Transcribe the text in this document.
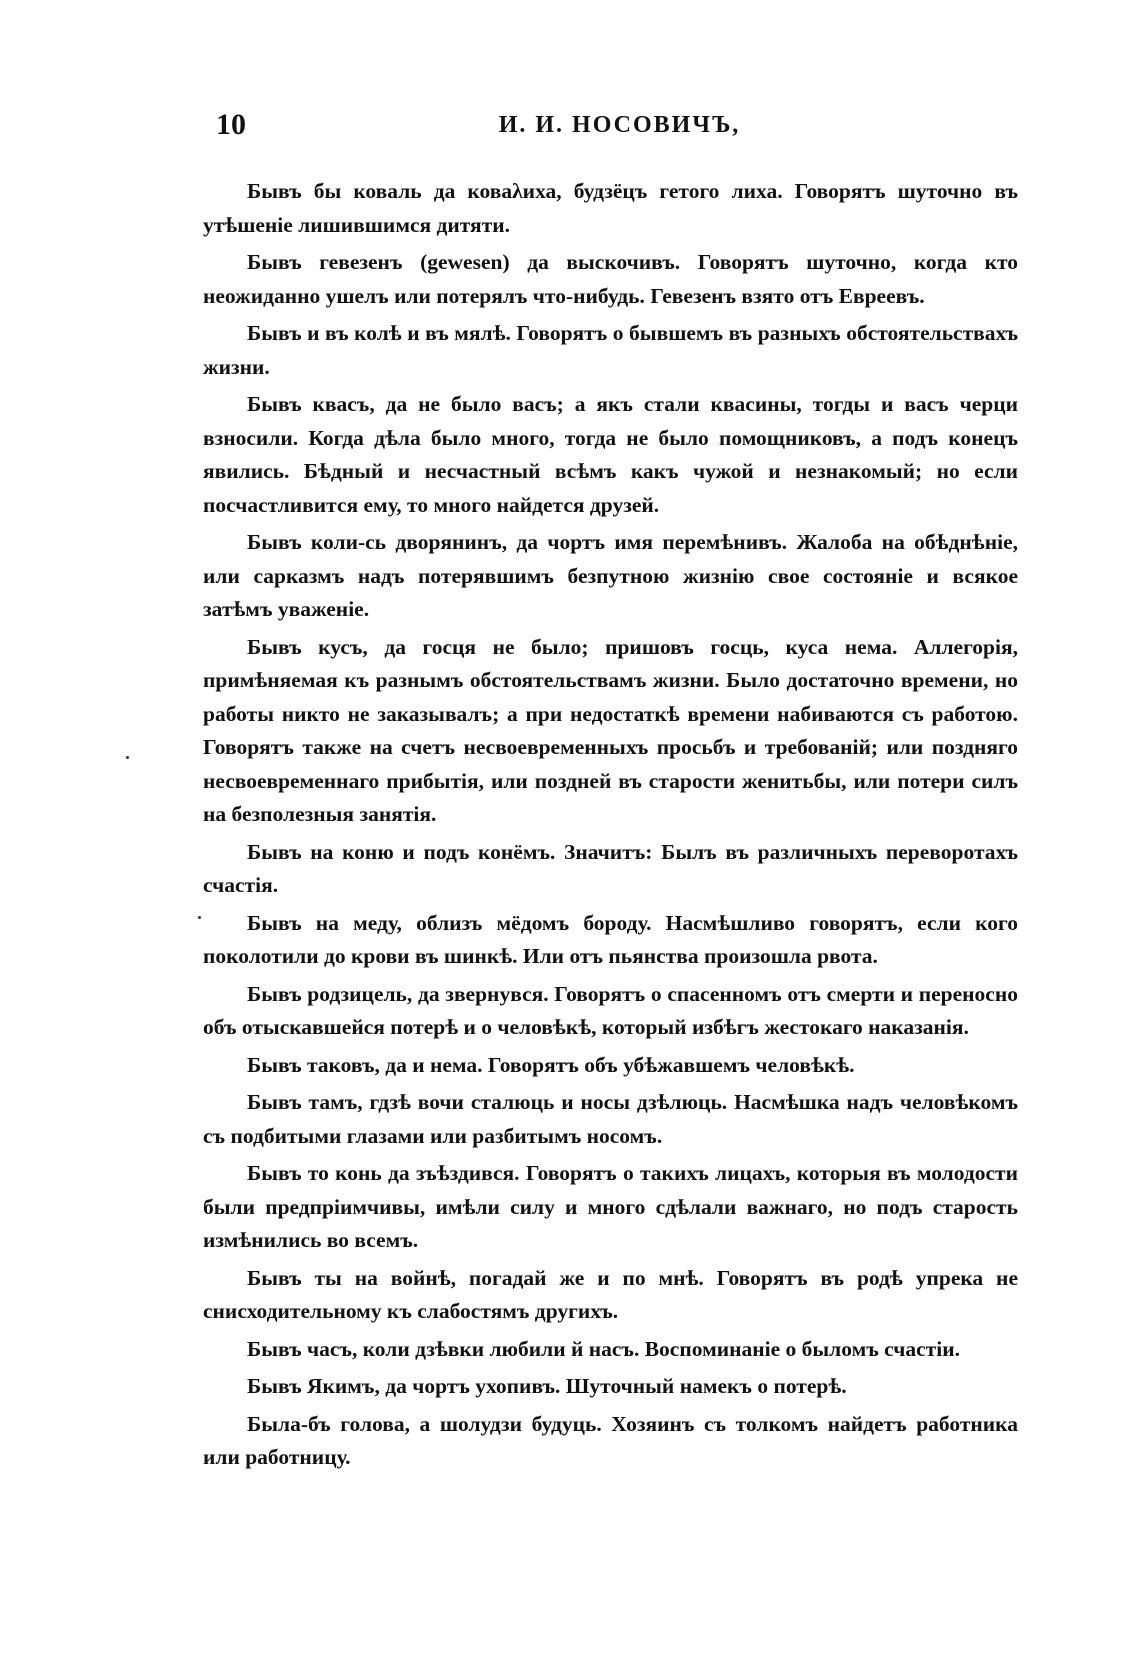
10	И. И. НОСОВИЧЪ,

Бывъ бы коваль да коваλиха, будзёцъ гетого лиха. Говорятъ шуточно въ утѣшеніе лишившимся дитяти.

Бывъ гевезенъ (gewesen) да выскочивъ. Говорятъ шуточно, когда кто неожиданно ушелъ или потерялъ что-нибудь. Гевезенъ взято отъ Евреевъ.

Бывъ и въ колѣ и въ мялѣ. Говорятъ о бывшемъ въ разныхъ обстоятельствахъ жизни.

Бывъ квасъ, да не было васъ; а якъ стали квасины, тогды и васъ черци взносили. Когда дѣла было много, тогда не было помощниковъ, а подъ конецъ явились. Бѣдный и несчастный всѣмъ какъ чужой и незнакомый; но если посчастливится ему, то много найдется друзей.

Бывъ коли-сь дворянинъ, да чортъ имя перемѣнивъ. Жалоба на обѣднѣніе, или сарказмъ надъ потерявшимъ безпутною жизнію свое состояніе и всякое затѣмъ уваженіе.

Бывъ кусъ, да госця не было; пришовъ гоcць, куса нема. Аллегорія, примѣняемая къ разнымъ обстоятельствамъ жизни. Было достаточно времени, но работы никто не заказывалъ; а при недостаткѣ времени набиваются съ работою. Говорятъ также на счетъ несвоевременныхъ просьбъ и требованій; или поздняго несвоевременнаго прибытія, или поздней въ старости женитьбы, или потери силъ на безполезныя занятія.

Бывъ на коню и подъ конёмъ. Значитъ: Былъ въ различныхъ переворотахъ счастія.

Бывъ на меду, облизъ мёдомъ бороду. Насмѣшливо говорятъ, если кого поколотили до крови въ шинкѣ. Или отъ пьянства произошла рвота.

Бывъ родзицель, да звернувся. Говорятъ о спасенномъ отъ смерти и переносно объ отыскавшейся потерѣ и о человѣкѣ, который избѣгъ жестокаго наказанія.

Бывъ таковъ, да и нема. Говорятъ объ убѣжавшемъ человѣкѣ.

Бывъ тамъ, гдзѣ вочи сталюць и носы дзѣлюць. Насмѣшка надъ человѣкомъ съ подбитыми глазами или разбитымъ носомъ.

Бывъ то конь да зъѣздився. Говорятъ о такихъ лицахъ, которыя въ молодости были предпріимчивы, имѣли силу и много сдѣлали важнаго, но подъ старость измѣнились во всемъ.

Бывъ ты на войнѣ, погадай же и по мнѣ. Говорятъ въ родѣ упрека не снисходительному къ слабостямъ другихъ.

Бывъ часъ, коли дзѣвки любили й насъ. Воспоминаніе о быломъ счастіи.

Бывъ Якимъ, да чортъ ухопивъ. Шуточный намекъ о потерѣ.

Была-бъ голова, а шолудзи будуць. Хозяинъ съ толкомъ найдетъ работника или работницу.
